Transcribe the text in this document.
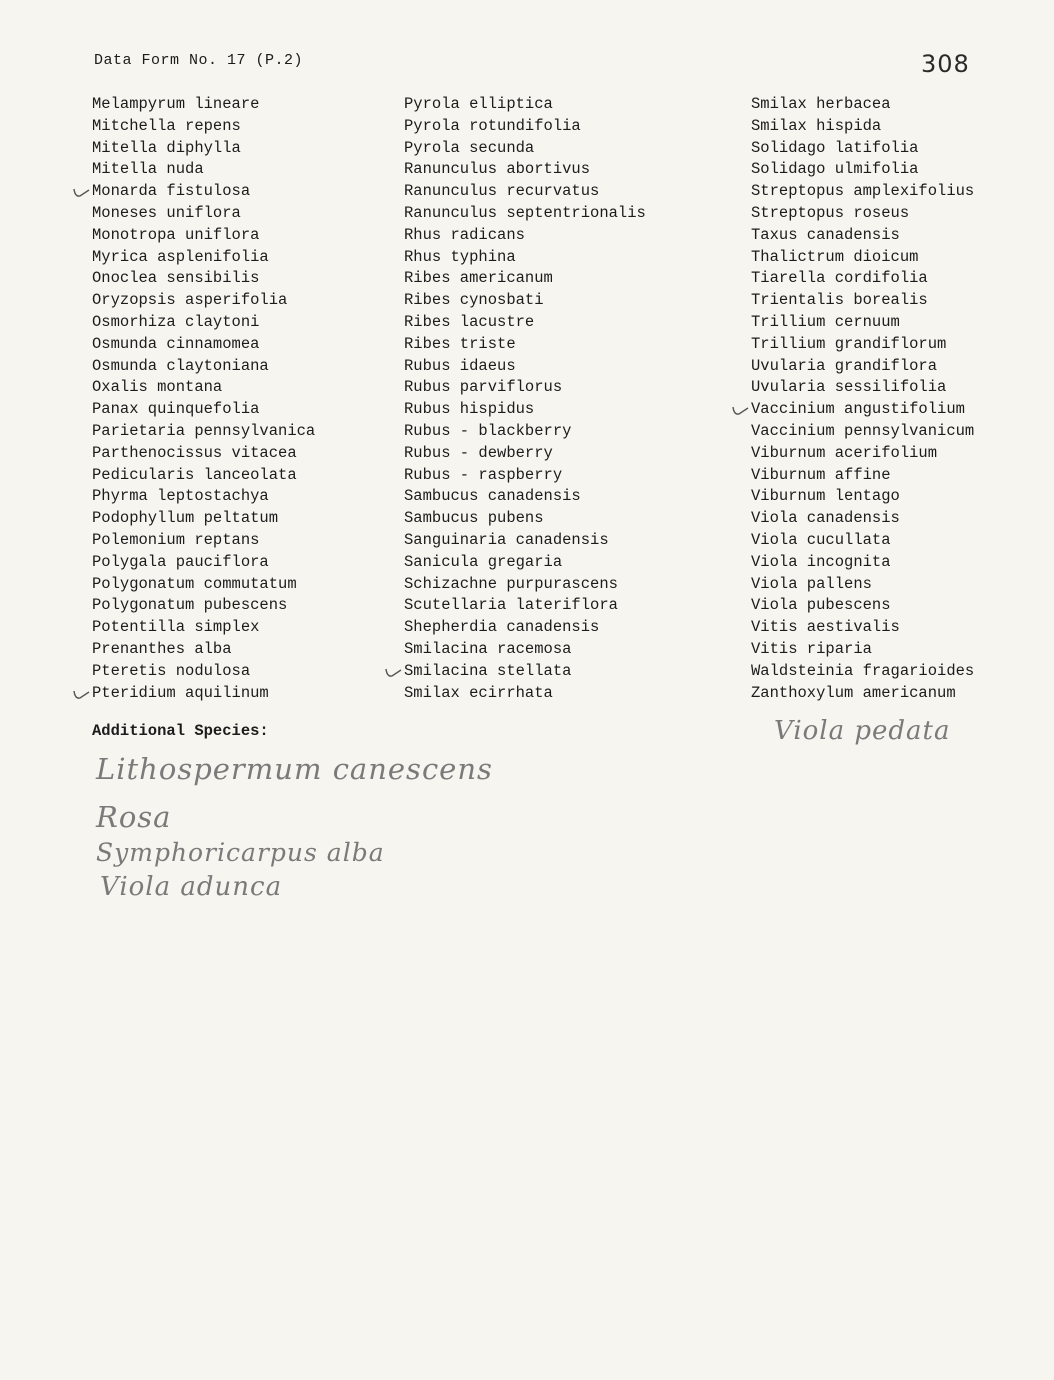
Data Form No. 17 (P.2)	308
Melampyrum lineare
Mitchella repens
Mitella diphylla
Mitella nuda
Monarda fistulosa
Moneses uniflora
Monotropa uniflora
Myrica asplenifolia
Onoclea sensibilis
Oryzopsis asperifolia
Osmorhiza claytoni
Osmunda cinnamomea
Osmunda claytoniana
Oxalis montana
Panax quinquefolia
Parietaria pennsylvanica
Parthenocissus vitacea
Pedicularis lanceolata
Phyrma leptostachya
Podophyllum peltatum
Polemonium reptans
Polygala pauciflora
Polygonatum commutatum
Polygonatum pubescens
Potentilla simplex
Prenanthes alba
Pteretis nodulosa
Pteridium aquilinum
Pyrola elliptica
Pyrola rotundifolia
Pyrola secunda
Ranunculus abortivus
Ranunculus recurvatus
Ranunculus septentrionalis
Rhus radicans
Rhus typhina
Ribes americanum
Ribes cynosbati
Ribes lacustre
Ribes triste
Rubus idaeus
Rubus parviflorus
Rubus hispidus
Rubus - blackberry
Rubus - dewberry
Rubus - raspberry
Sambucus canadensis
Sambucus pubens
Sanguinaria canadensis
Sanicula gregaria
Schizachne purpurascens
Scutellaria lateriflora
Shepherdia canadensis
Smilacina racemosa
Smilacina stellata
Smilax ecirrhata
Smilax herbacea
Smilax hispida
Solidago latifolia
Solidago ulmifolia
Streptopus amplexifolius
Streptopus roseus
Taxus canadensis
Thalictrum dioicum
Tiarella cordifolia
Trientalis borealis
Trillium cernuum
Trillium grandiflorum
Uvularia grandiflora
Uvularia sessilifolia
Vaccinium angustifolium
Vaccinium pennsylvanicum
Viburnum acerifolium
Viburnum affine
Viburnum lentago
Viola canadensis
Viola cucullata
Viola incognita
Viola pallens
Viola pubescens
Vitis aestivalis
Vitis riparia
Waldsteinia fragarioides
Zanthoxylum americanum
Additional Species:
Lithospermum canescens
Rosa
Symphoricarpus alba
Viola adunca
Viola pedata
